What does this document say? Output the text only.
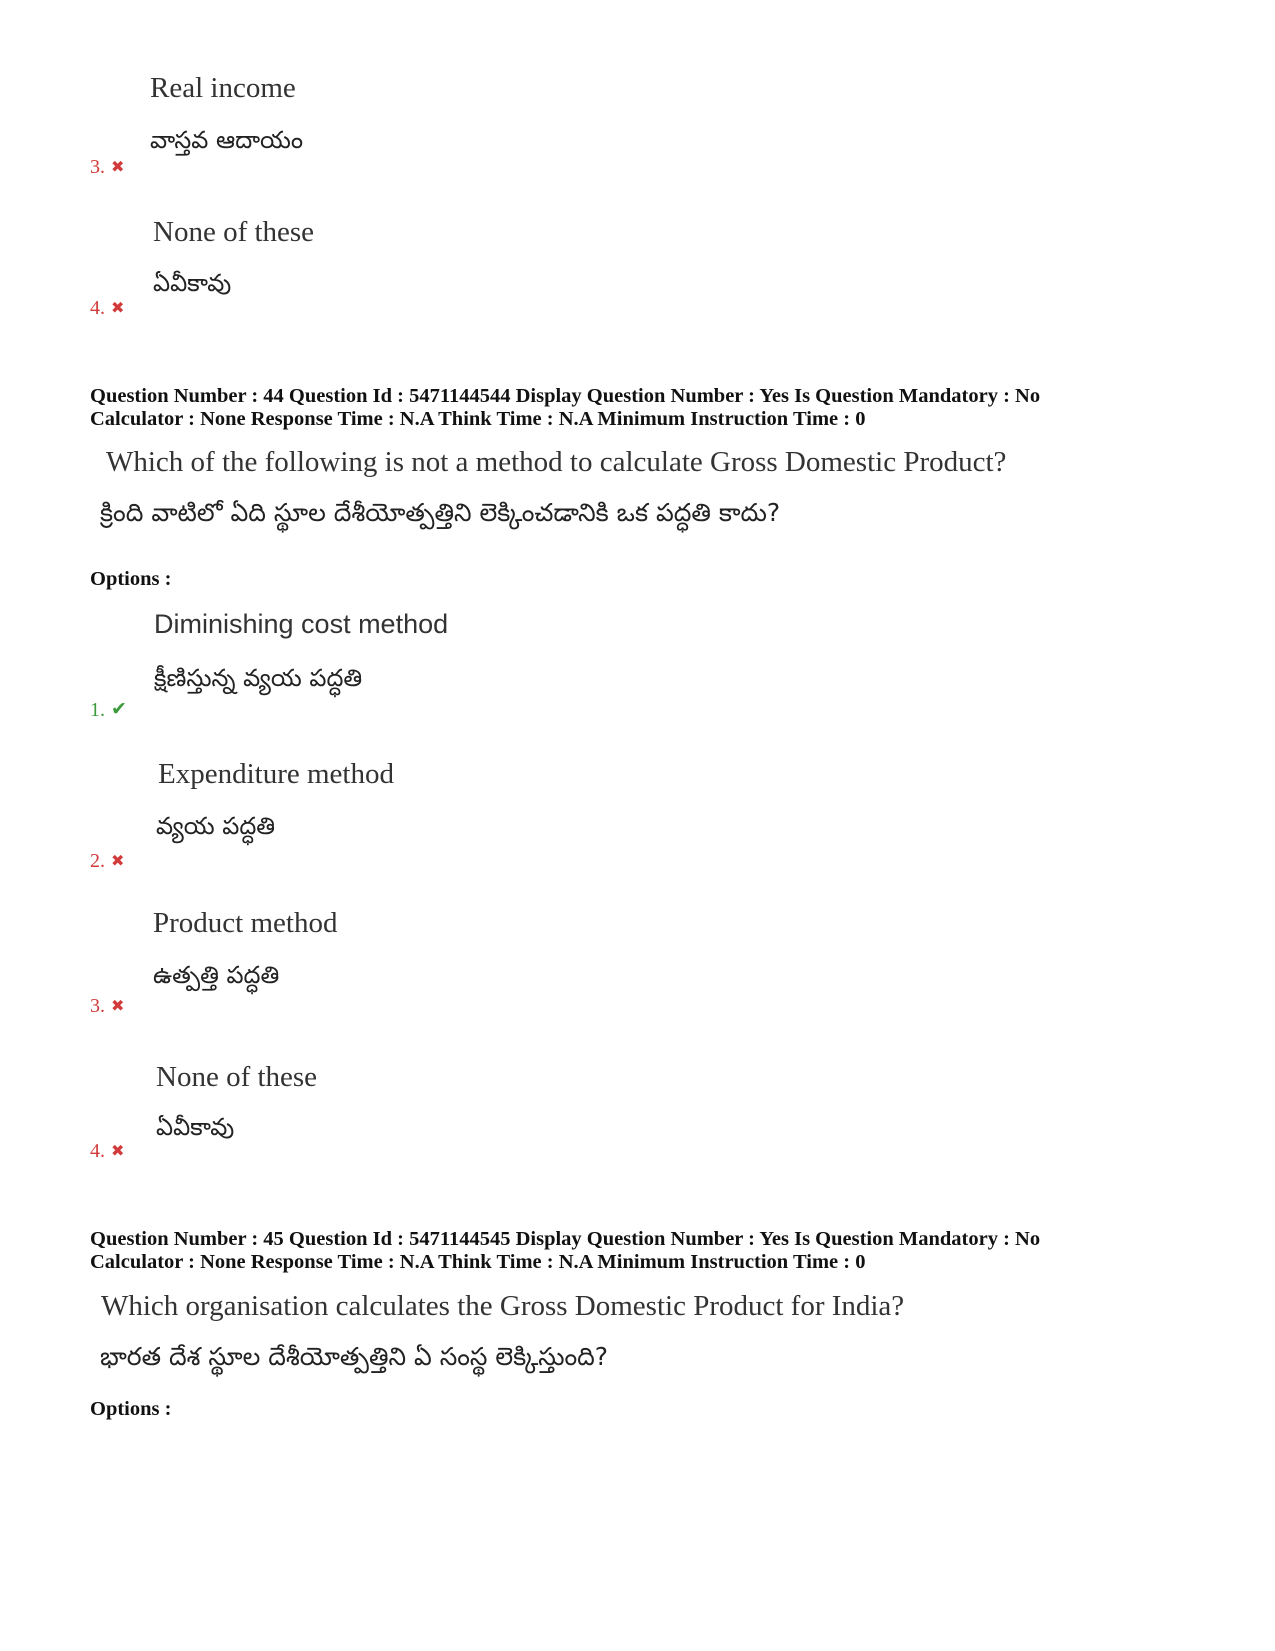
Real income
వాస్తవ ఆదాయం
3. ✖
None of these
ఏవీకావు
4. ✖
Question Number : 44 Question Id : 5471144544 Display Question Number : Yes Is Question Mandatory : No
Calculator : None Response Time : N.A Think Time : N.A Minimum Instruction Time : 0
Which of the following is not a method to calculate Gross Domestic Product?
క్రింది వాటిలో ఏది స్థూల దేశీయోత్పత్తిని లెక్కించడానికి ఒక పద్ధతి కాదు?
Options :
Diminishing cost method
క్షీణిస్తున్న వ్యయ పద్ధతి
1. ✔
Expenditure method
వ్యయ పద్ధతి
2. ✖
Product method
ఉత్పత్తి పద్ధతి
3. ✖
None of these
ఏవీకావు
4. ✖
Question Number : 45 Question Id : 5471144545 Display Question Number : Yes Is Question Mandatory : No
Calculator : None Response Time : N.A Think Time : N.A Minimum Instruction Time : 0
Which organisation calculates the Gross Domestic Product for India?
భారత దేశ స్థూల దేశీయోత్పత్తిని ఏ సంస్థ లెక్కిస్తుంది?
Options :
